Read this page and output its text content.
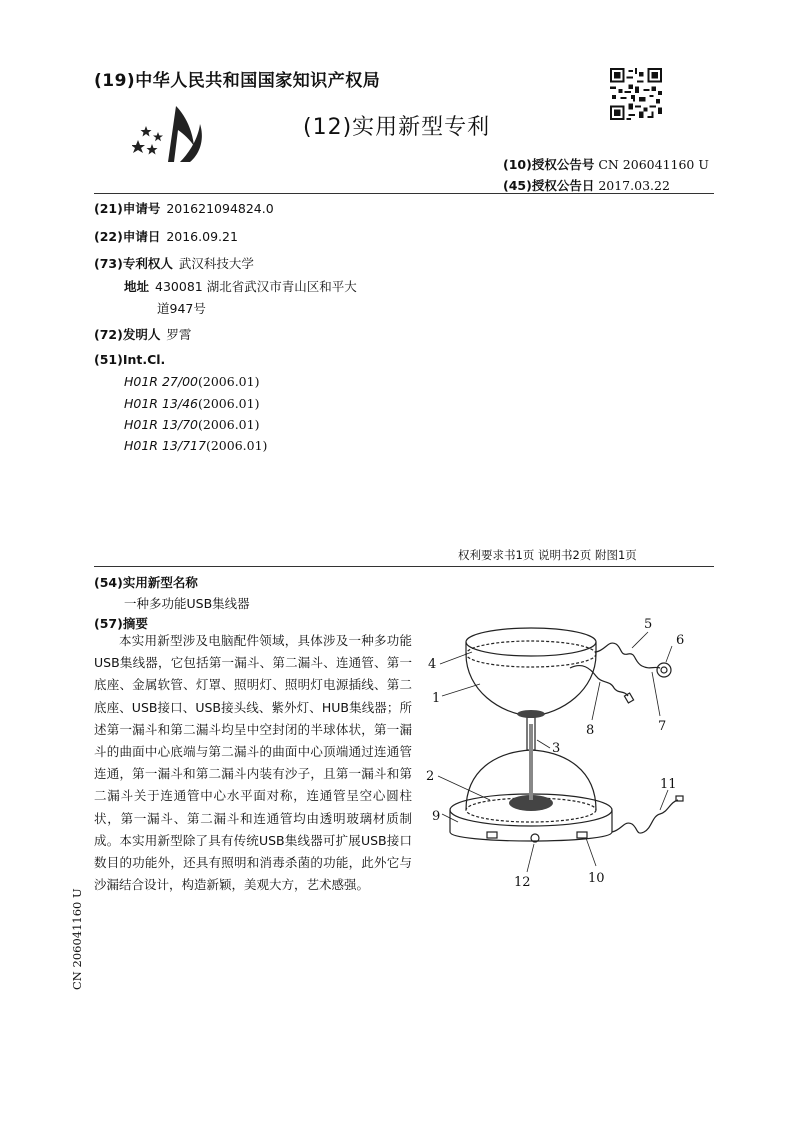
(19)中华人民共和国国家知识产权局
(12)实用新型专利
(10)授权公告号 CN 206041160 U
(45)授权公告日 2017.03.22
(21)申请号 201621094824.0
(22)申请日 2016.09.21
(73)专利权人 武汉科技大学
地址 430081 湖北省武汉市青山区和平大
道947号
(72)发明人 罗霄
(51)Int.Cl.
H01R 27/00(2006.01)
H01R 13/46(2006.01)
H01R 13/70(2006.01)
H01R 13/717(2006.01)
权利要求书1页 说明书2页 附图1页
(54)实用新型名称
一种多功能USB集线器
(57)摘要
本实用新型涉及电脑配件领域，具体涉及一种多功能USB集线器，它包括第一漏斗、第二漏斗、连通管、第一底座、金属软管、灯罩、照明灯、照明灯电源插线、第二底座、USB接口、USB接头线、紫外灯、HUB集线器；所述第一漏斗和第二漏斗均呈中空封闭的半球体状，第一漏斗的曲面中心底端与第二漏斗的曲面中心顶端通过连通管连通，第一漏斗和第二漏斗内装有沙子，且第一漏斗和第二漏斗关于连通管中心水平面对称，连通管呈空心圆柱状，第一漏斗、第二漏斗和连通管均由透明玻璃材质制成。本实用新型除了具有传统USB集线器可扩展USB接口数目的功能外，还具有照明和消毒杀菌的功能，此外它与沙漏结合设计，构造新颖，美观大方，艺术感强。
CN 206041160 U
4
1
5
6
7
8
3
2
9
10
11
12
